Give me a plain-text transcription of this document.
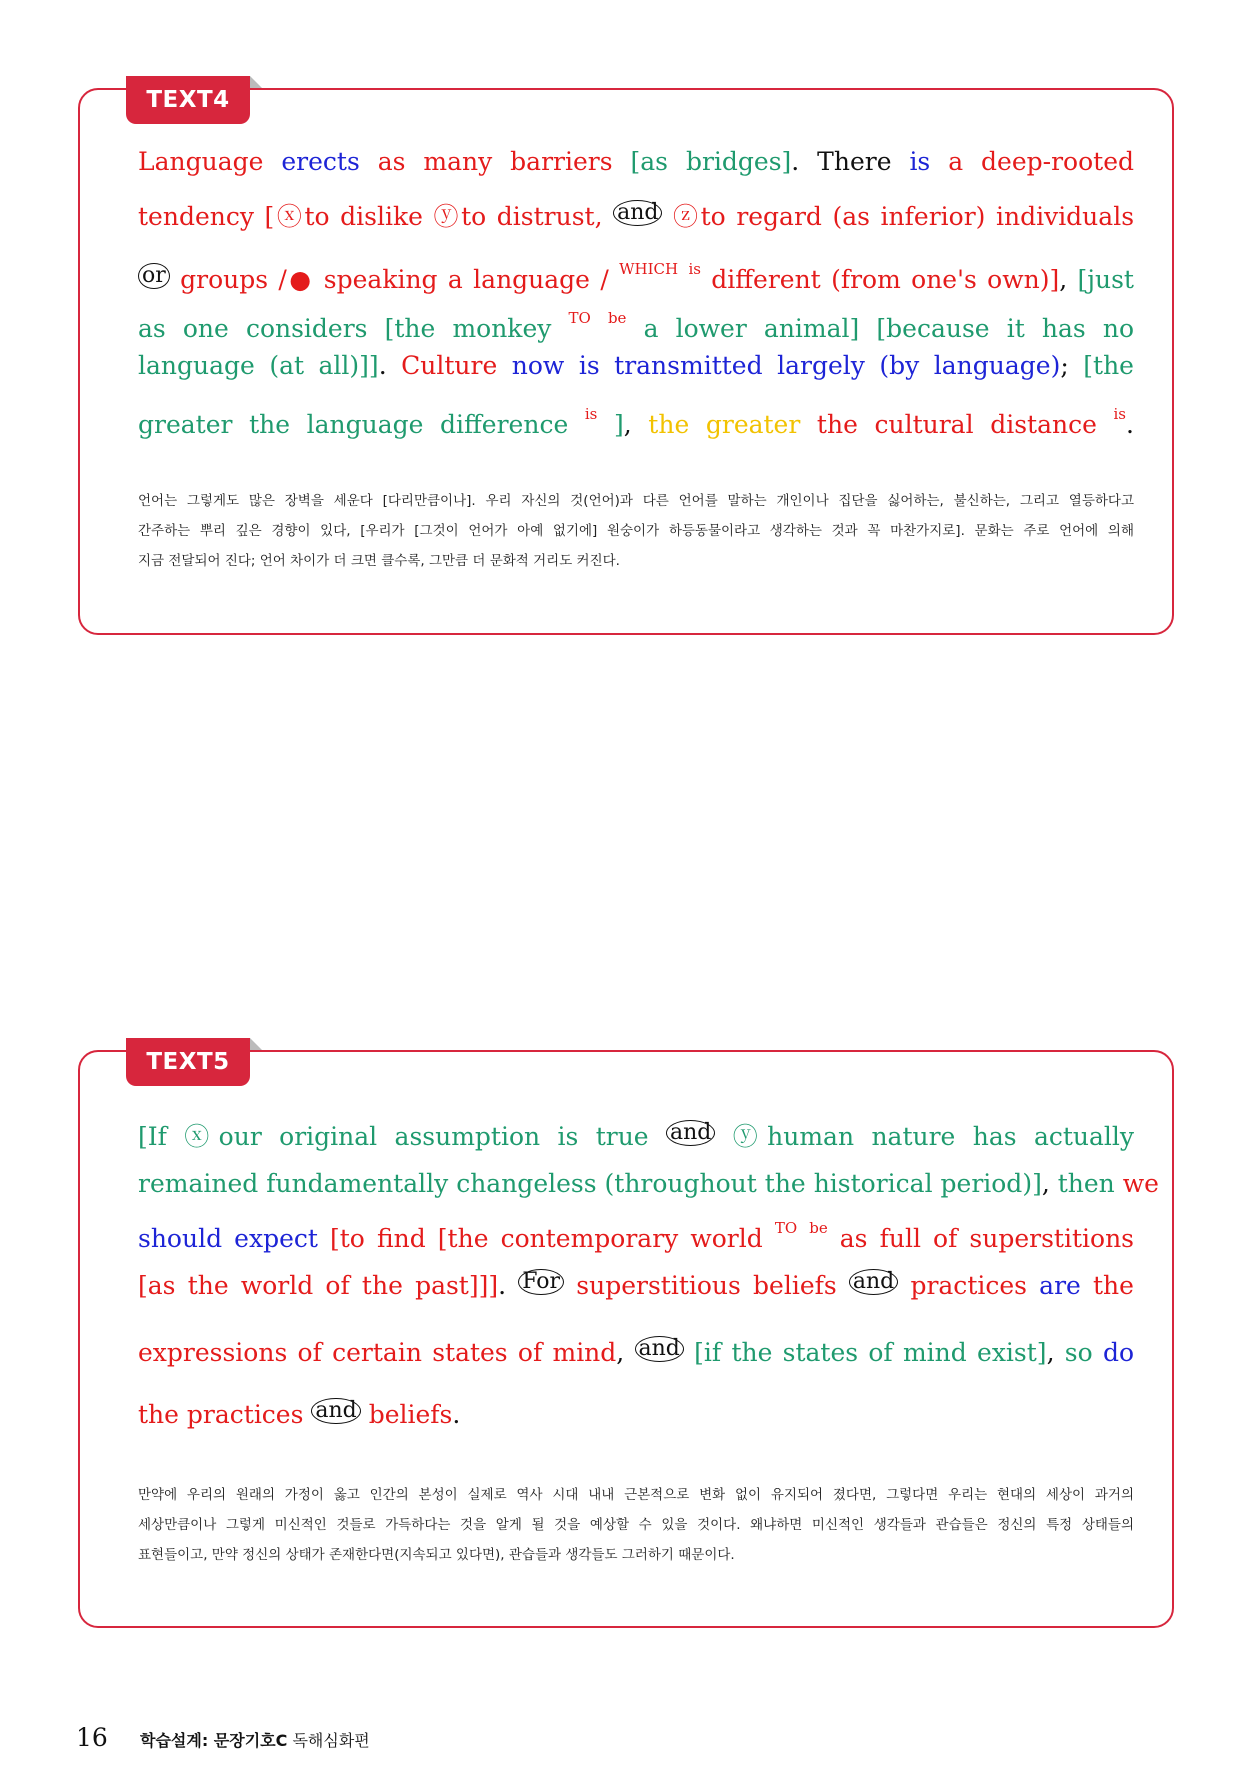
TEXT4
Language erects as many barriers [as bridges]. There is a deep-rooted
tendency [ⓧto dislike ⓨto distrust, and ⓩto regard (as inferior) individuals
or groups /● speaking a language / $^{WHICH}$ $^{is}$ different (from one's own)], [just
as one considers [the monkey $^{TO}$ $^{be}$ a lower animal] [because it has no
language (at all)]]. Culture now is transmitted largely (by language); [the
greater the language difference $^{is}$ ], the greater the cultural distance $^{is}$.
언어는 그렇게도 많은 장벽을 세운다 [다리만큼이나]. 우리 자신의 것(언어)과 다른 언어를 말하는 개인이나 집단을 싫어하는, 불신하는, 그리고 열등하다고
간주하는 뿌리 깊은 경향이 있다, [우리가 [그것이 언어가 아예 없기에] 원숭이가 하등동물이라고 생각하는 것과 꼭 마찬가지로]. 문화는 주로 언어에 의해
지금 전달되어 진다; 언어 차이가 더 크면 클수록, 그만큼 더 문화적 거리도 커진다.
TEXT5
[If ⓧour original assumption is true and ⓨhuman nature has actually
remained fundamentally changeless (throughout the historical period)], then we
should expect [to find [the contemporary world $^{TO}$ $^{be}$ as full of superstitions
[as the world of the past]]]. For superstitious beliefs and practices are the
expressions of certain states of mind, and [if the states of mind exist], so do
the practices and beliefs.
만약에 우리의 원래의 가정이 옳고 인간의 본성이 실제로 역사 시대 내내 근본적으로 변화 없이 유지되어 졌다면, 그렇다면 우리는 현대의 세상이 과거의
세상만큼이나 그렇게 미신적인 것들로 가득하다는 것을 알게 될 것을 예상할 수 있을 것이다. 왜냐하면 미신적인 생각들과 관습들은 정신의 특정 상태들의
표현들이고, 만약 정신의 상태가 존재한다면(지속되고 있다면), 관습들과 생각들도 그러하기 때문이다.
16 학습설계: 문장기호C 독해심화편
